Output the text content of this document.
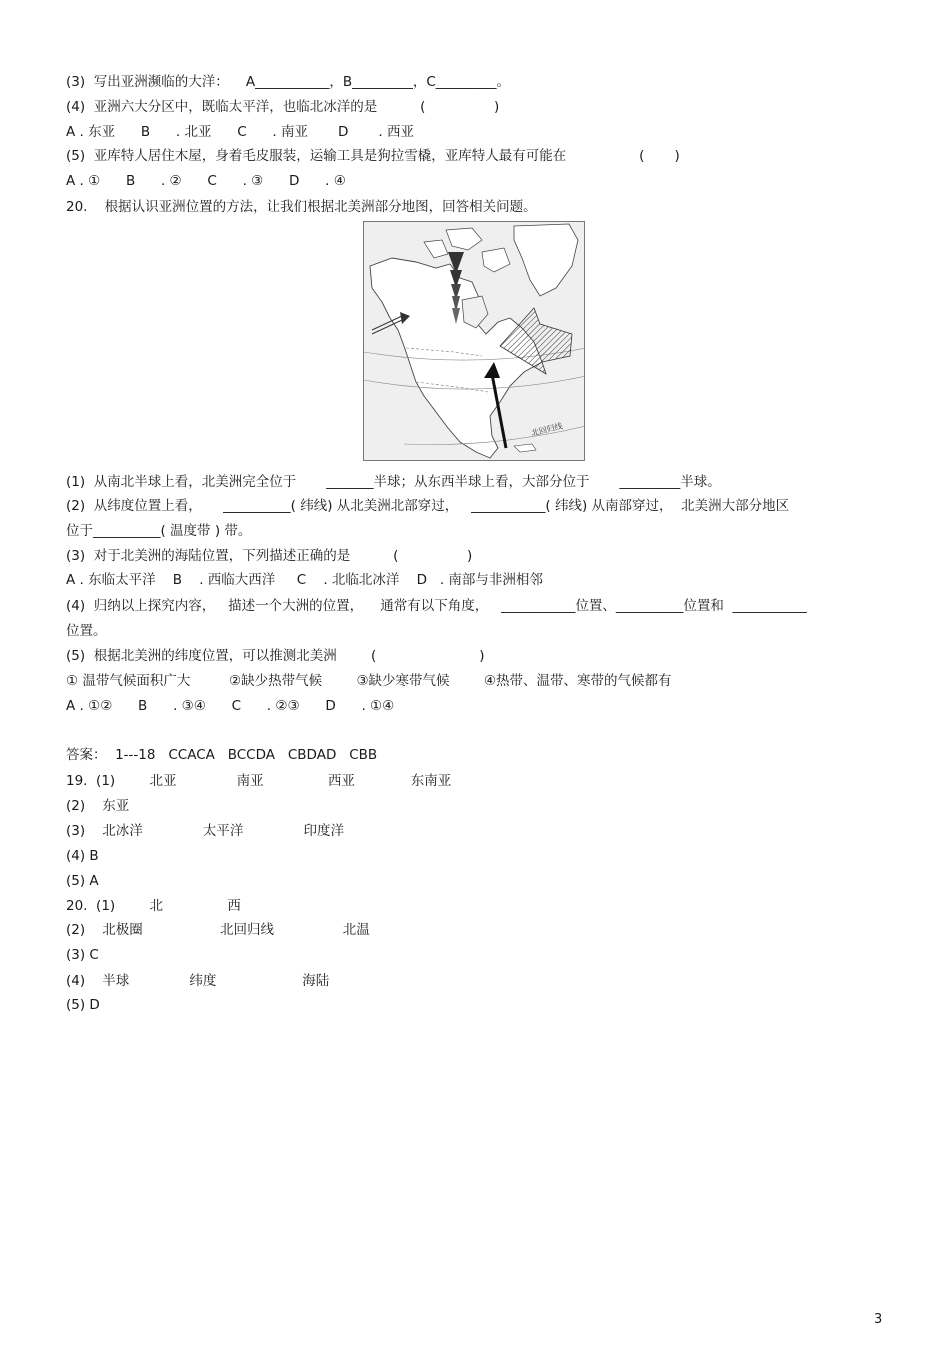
(3)  写出亚洲濒临的大洋：    A___________，B_________，C_________。
(4)  亚洲六大分区中，既临太平洋，也临北冰洋的是          (                )
A . 东亚      B      . 北亚      C      . 南亚       D       . 西亚
(5)  亚库特人居住木屋，身着毛皮服装，运输工具是狗拉雪橇，亚库特人最有可能在                 (       )
A . ①      B      . ②      C      . ③      D      . ④
20.    根据认识亚洲位置的方法，让我们根据北美洲部分地图，回答相关问题。
北回归线
(1)  从南北半球上看，北美洲完全位于       _______半球；从东西半球上看，大部分位于       _________半球。
(2)  从纬度位置上看，     __________( 纬线) 从北美洲北部穿过，   ___________( 纬线) 从南部穿过，  北美洲大部分地区
位于__________( 温度带 ) 带。
(3)  对于北美洲的海陆位置，下列描述正确的是          (                )
A . 东临太平洋    B    . 西临大西洋     C    . 北临北冰洋    D   . 南部与非洲相邻
(4)  归纳以上探究内容，   描述一个大洲的位置，    通常有以下角度，   ___________位置、__________位置和  ___________
位置。
(5)  根据北美洲的纬度位置，可以推测北美洲        (                        )
① 温带气候面积广大         ②缺少热带气候        ③缺少寒带气候        ④热带、温带、寒带的气候都有
A . ①②      B      . ③④      C      . ②③      D      . ①④
答案：  1---18   CCACA   BCCDA   CBDAD   CBB
19.  (1)        北亚              南亚               西亚             东南亚
(2)    东亚
(3)    北冰洋              太平洋              印度洋
(4) B
(5) A
20.  (1)        北               西
(2)    北极圈                  北回归线                北温
(3) C
(4)    半球              纬度                    海陆
(5) D
3
